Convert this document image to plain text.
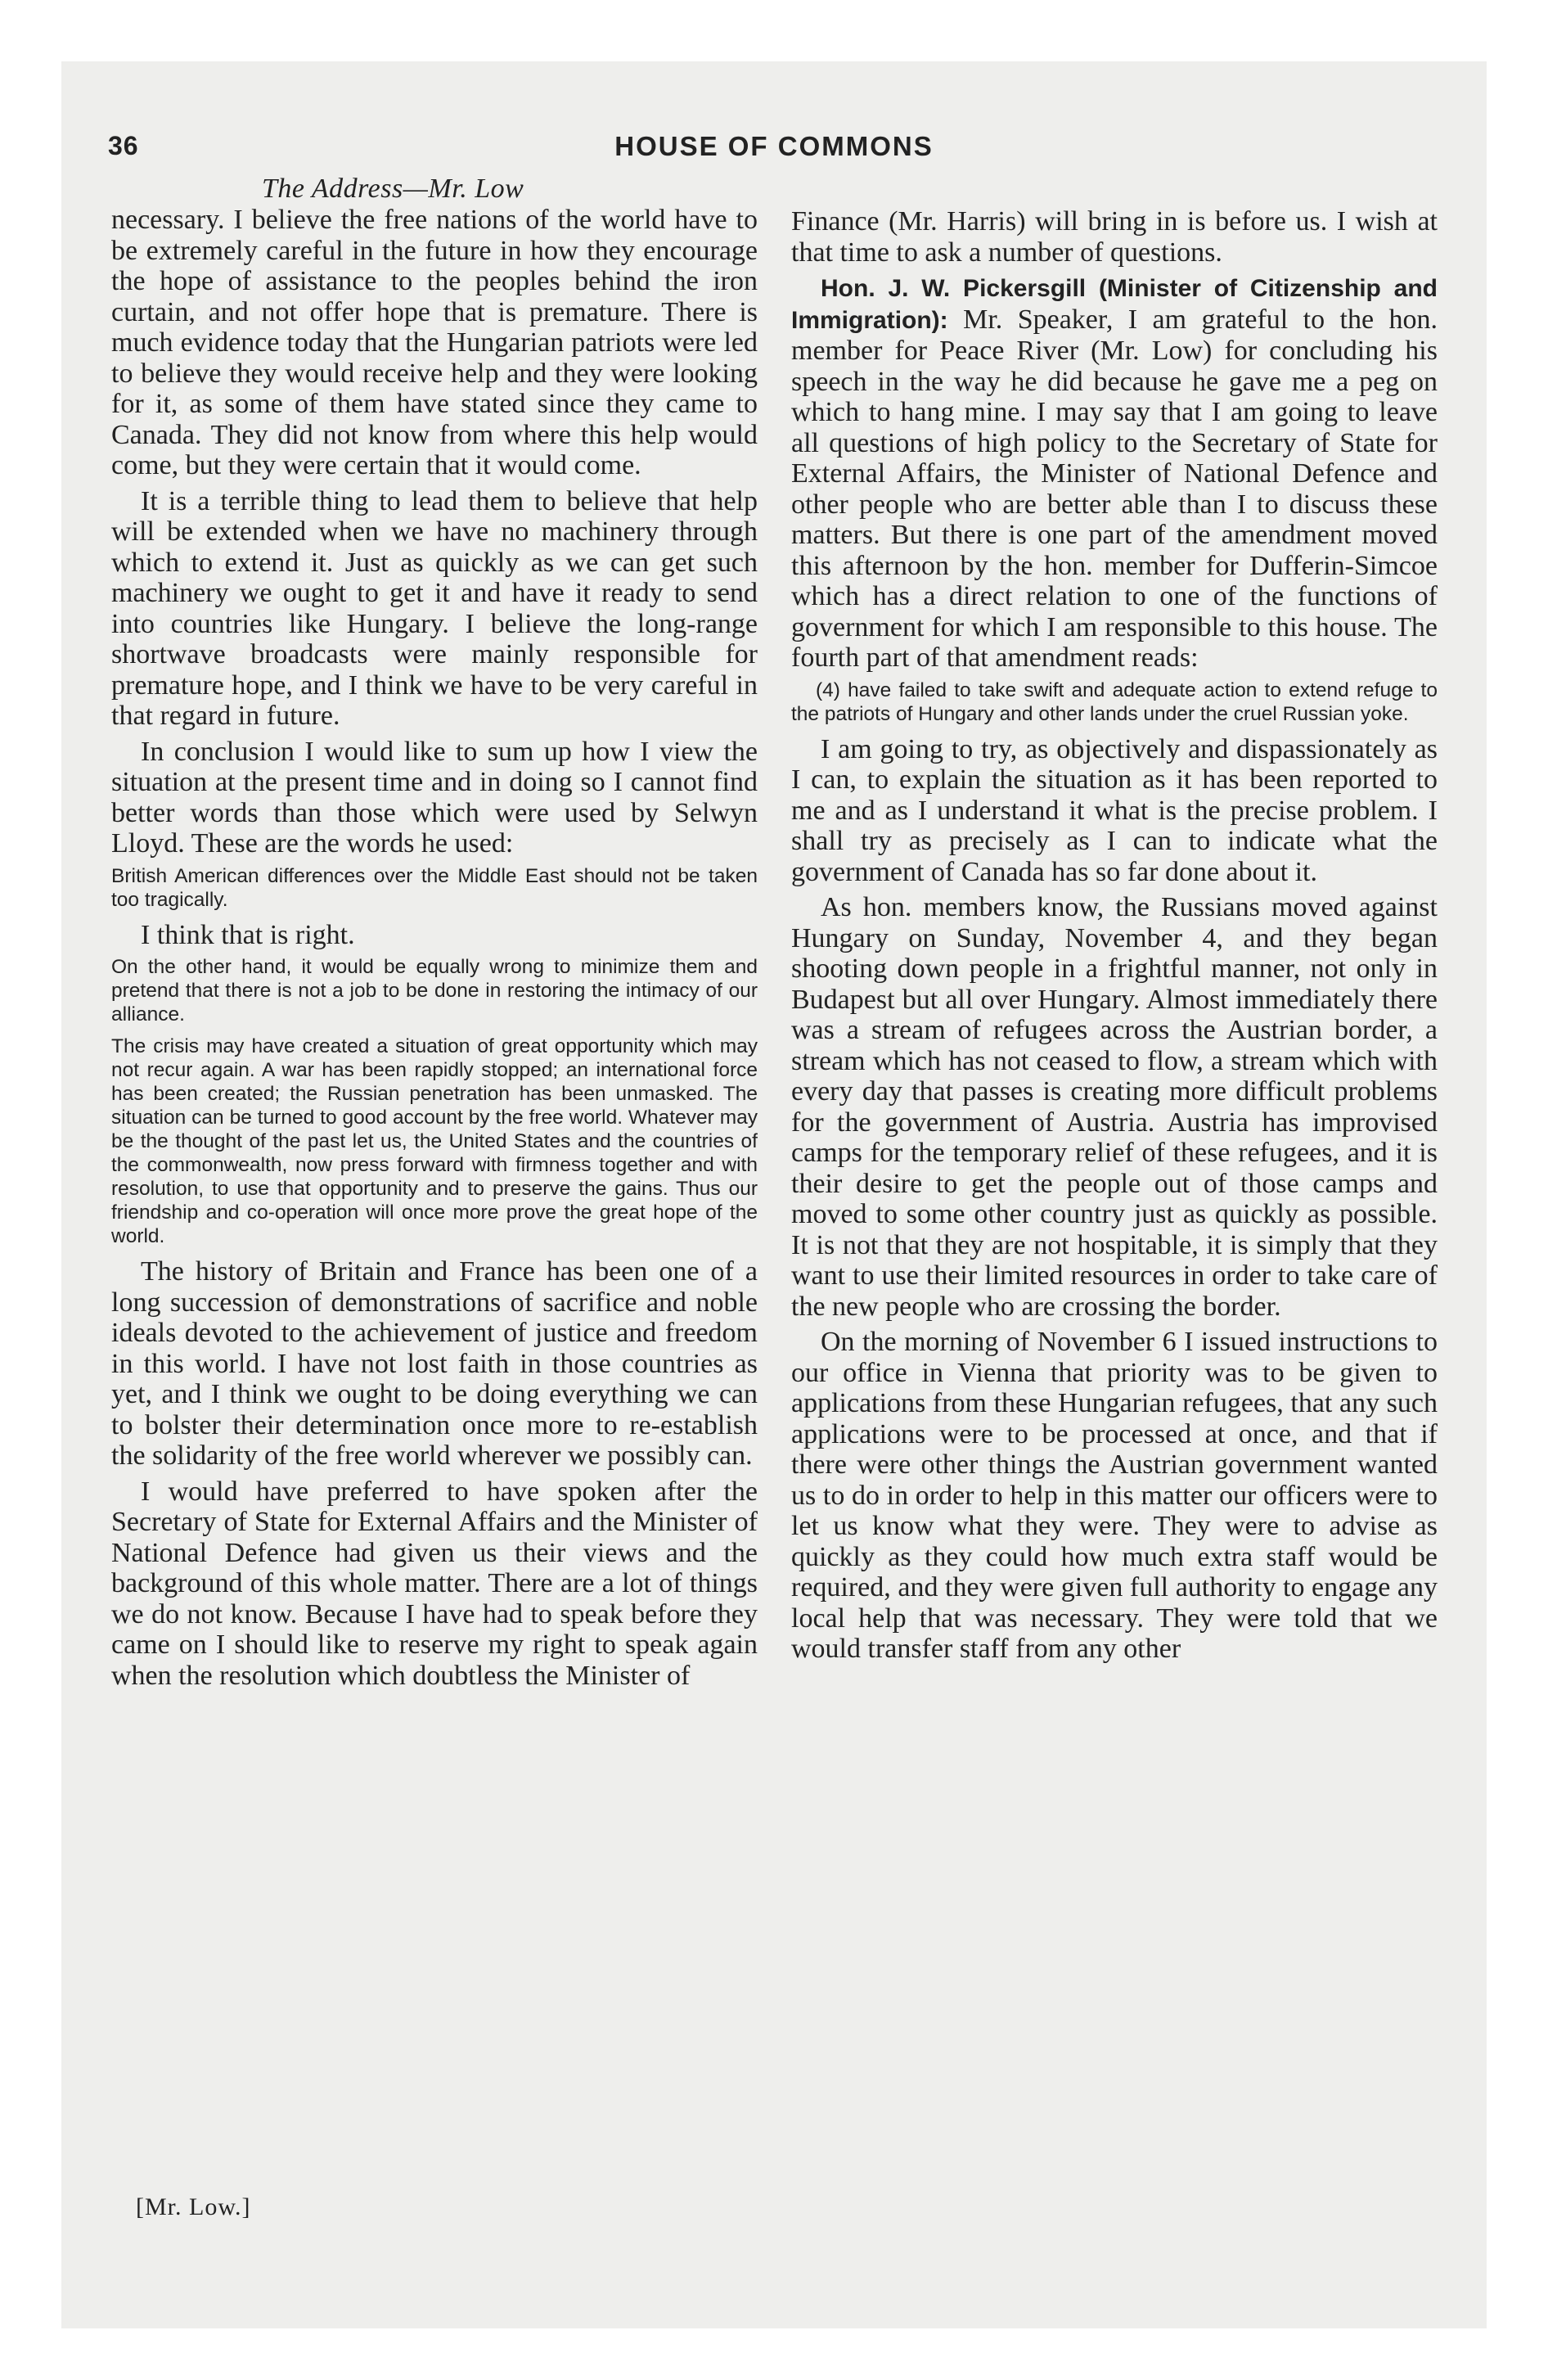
36	HOUSE OF COMMONS
The Address—Mr. Low

necessary. I believe the free nations of the world have to be extremely careful in the future in how they encourage the hope of assistance to the peoples behind the iron curtain, and not offer hope that is premature. There is much evidence today that the Hungarian patriots were led to believe they would receive help and they were looking for it, as some of them have stated since they came to Canada. They did not know from where this help would come, but they were certain that it would come.

It is a terrible thing to lead them to believe that help will be extended when we have no machinery through which to extend it. Just as quickly as we can get such machinery we ought to get it and have it ready to send into countries like Hungary. I believe the long-range shortwave broadcasts were mainly responsible for premature hope, and I think we have to be very careful in that regard in future.

In conclusion I would like to sum up how I view the situation at the present time and in doing so I cannot find better words than those which were used by Selwyn Lloyd. These are the words he used:

British American differences over the Middle East should not be taken too tragically.

I think that is right.

On the other hand, it would be equally wrong to minimize them and pretend that there is not a job to be done in restoring the intimacy of our alliance.
The crisis may have created a situation of great opportunity which may not recur again. A war has been rapidly stopped; an international force has been created; the Russian penetration has been unmasked. The situation can be turned to good account by the free world. Whatever may be the thought of the past let us, the United States and the countries of the commonwealth, now press forward with firmness together and with resolution, to use that opportunity and to preserve the gains. Thus our friendship and co-operation will once more prove the great hope of the world.

The history of Britain and France has been one of a long succession of demonstrations of sacrifice and noble ideals devoted to the achievement of justice and freedom in this world. I have not lost faith in those countries as yet, and I think we ought to be doing everything we can to bolster their determination once more to re-establish the solidarity of the free world wherever we possibly can.

I would have preferred to have spoken after the Secretary of State for External Affairs and the Minister of National Defence had given us their views and the background of this whole matter. There are a lot of things we do not know. Because I have had to speak before they came on I should like to reserve my right to speak again when the resolution which doubtless the Minister of

Finance (Mr. Harris) will bring in is before us. I wish at that time to ask a number of questions.

Hon. J. W. Pickersgill (Minister of Citizenship and Immigration): Mr. Speaker, I am grateful to the hon. member for Peace River (Mr. Low) for concluding his speech in the way he did because he gave me a peg on which to hang mine. I may say that I am going to leave all questions of high policy to the Secretary of State for External Affairs, the Minister of National Defence and other people who are better able than I to discuss these matters. But there is one part of the amendment moved this afternoon by the hon. member for Dufferin-Simcoe which has a direct relation to one of the functions of government for which I am responsible to this house. The fourth part of that amendment reads:

(4) have failed to take swift and adequate action to extend refuge to the patriots of Hungary and other lands under the cruel Russian yoke.

I am going to try, as objectively and dispassionately as I can, to explain the situation as it has been reported to me and as I understand it what is the precise problem. I shall try as precisely as I can to indicate what the government of Canada has so far done about it.

As hon. members know, the Russians moved against Hungary on Sunday, November 4, and they began shooting down people in a frightful manner, not only in Budapest but all over Hungary. Almost immediately there was a stream of refugees across the Austrian border, a stream which has not ceased to flow, a stream which with every day that passes is creating more difficult problems for the government of Austria. Austria has improvised camps for the temporary relief of these refugees, and it is their desire to get the people out of those camps and moved to some other country just as quickly as possible. It is not that they are not hospitable, it is simply that they want to use their limited resources in order to take care of the new people who are crossing the border.

On the morning of November 6 I issued instructions to our office in Vienna that priority was to be given to applications from these Hungarian refugees, that any such applications were to be processed at once, and that if there were other things the Austrian government wanted us to do in order to help in this matter our officers were to let us know what they were. They were to advise as quickly as they could how much extra staff would be required, and they were given full authority to engage any local help that was necessary. They were told that we would transfer staff from any other

[Mr. Low.]
